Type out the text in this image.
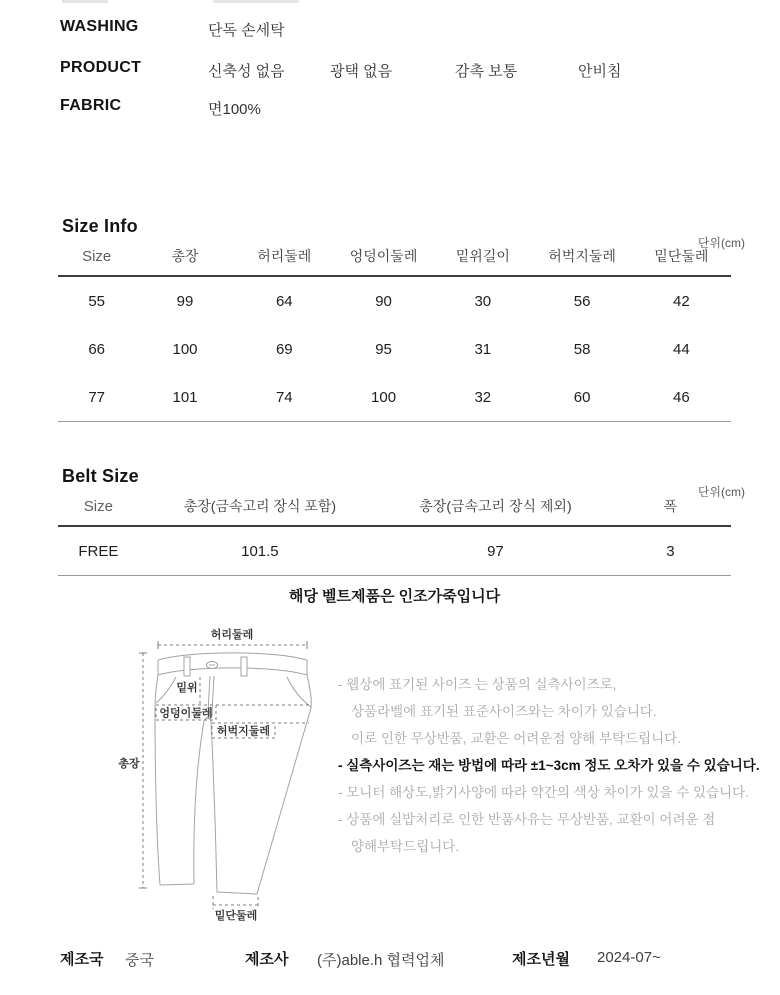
WASHING	단독 손세탁
PRODUCT	신축성 없음	광택 없음	감촉 보통	안비침
FABRIC	면100%
Size Info
단위(cm)
Size	총장	허리둘레	엉덩이둘레	밑위길이	허벅지둘레	밑단둘레
55	99	64	90	30	56	42
66	100	69	95	31	58	44
77	101	74	100	32	60	46
Belt Size
단위(cm)
Size	총장(금속고리 장식 포함)	총장(금속고리 장식 제외)	폭
FREE	101.5	97	3
해당 벨트제품은 인조가죽입니다
허리둘레
밑위
엉덩이둘레
허벅지둘레
총장
밑단둘레
- 웹상에 표기된 사이즈 는 상품의 실측사이즈로,
상품라벨에 표기된 표준사이즈와는 차이가 있습니다.
이로 인한 무상반품, 교환은 어려운점 양해 부탁드립니다.
- 실측사이즈는 재는 방법에 따라 ±1~3cm 정도 오차가 있을 수 있습니다.
- 모니터 해상도,밝기사양에 따라 약간의 색상 차이가 있을 수 있습니다.
- 상품에 실밥처리로 인한 반품사유는 무상반품, 교환이 어려운 점
양해부탁드립니다.
제조국 중국	제조사 (주)able.h 협력업체	제조년월 2024-07~
